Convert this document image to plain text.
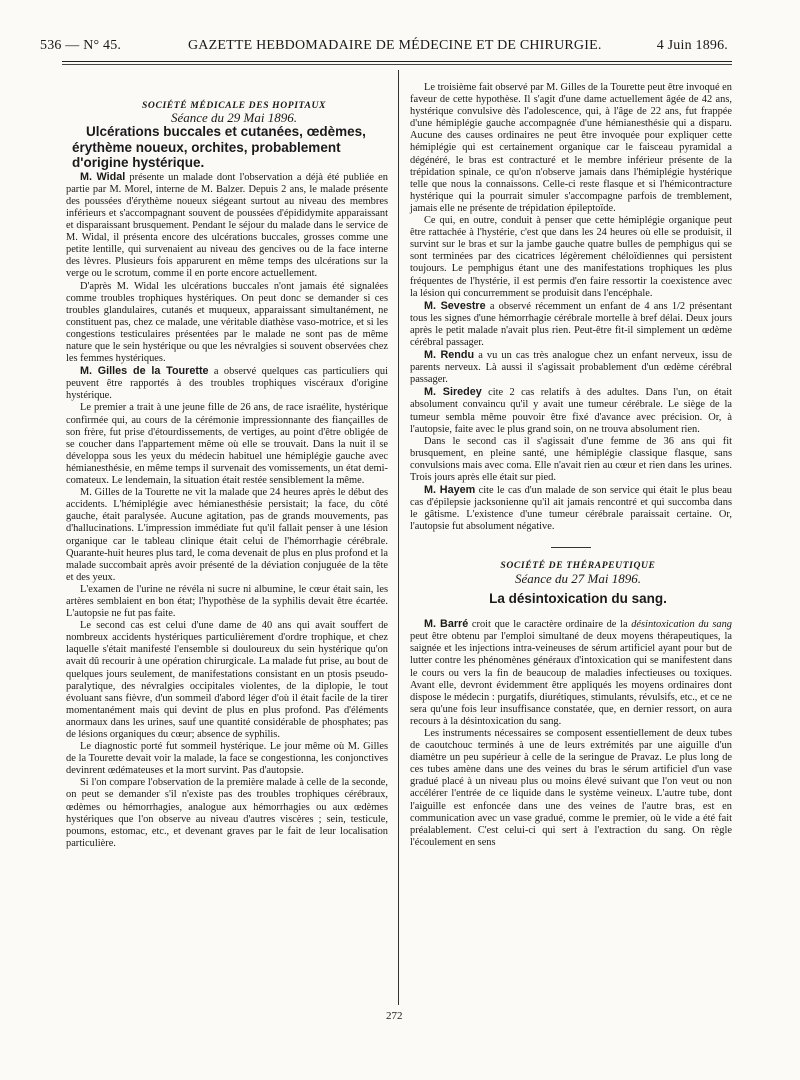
536 — N° 45.	GAZETTE HEBDOMADAIRE DE MÉDECINE ET DE CHIRURGIE.	4 Juin 1896.

SOCIÉTÉ MÉDICALE DES HOPITAUX

Séance du 29 Mai 1896.

Ulcérations buccales et cutanées, œdèmes, érythème noueux, orchites, probablement d'origine hystérique.

M. Widal présente un malade dont l'observation a déjà été publiée en partie par M. Morel, interne de M. Balzer. Depuis 2 ans, le malade présente des poussées d'érythème noueux siégeant surtout au niveau des membres inférieurs et s'accompagnant souvent de poussées d'épididymite apparaissant et disparaissant brusquement. Pendant le séjour du malade dans le service de M. Widal, il présenta encore des ulcérations buccales, grosses comme une petite lentille, qui survenaient au niveau des gencives ou de la face interne des lèvres. Plusieurs fois apparurent en même temps des ulcérations sur la verge ou le scrotum, comme il en porte encore actuellement.

D'après M. Widal les ulcérations buccales n'ont jamais été signalées comme troubles trophiques hystériques. On peut donc se demander si ces troubles glandulaires, cutanés et muqueux, apparaissant simultanément, ne constituent pas, chez ce malade, une véritable diathèse vaso-motrice, et si les congestions testiculaires présentées par le malade ne sont pas de même nature que le sein hystérique ou que les névralgies si souvent observées chez les femmes hystériques.

M. Gilles de la Tourette a observé quelques cas particuliers qui peuvent être rapportés à des troubles trophiques viscéraux d'origine hystérique.

Le premier a trait à une jeune fille de 26 ans, de race israélite, hystérique confirmée qui, au cours de la cérémonie impressionnante des fiançailles de son frère, fut prise d'étourdissements, de vertiges, au point d'être obligée de se coucher dans l'appartement même où elle se trouvait. Dans la nuit il se développa sous les yeux du médecin habituel une hémiplégie gauche avec hémianesthésie, en même temps il survenait des vomissements, un état demi-comateux. Le lendemain, la situation était restée sensiblement la même.

M. Gilles de la Tourette ne vit la malade que 24 heures après le début des accidents. L'hémiplégie avec hémianesthésie persistait; la face, du côté gauche, était paralysée. Aucune agitation, pas de grands mouvements, pas d'hallucinations. L'impression immédiate fut qu'il fallait penser à une lésion organique car le tableau clinique était celui de l'hémorrhagie cérébrale. Quarante-huit heures plus tard, le coma devenait de plus en plus profond et la malade succombait après avoir présenté de la déviation conjuguée de la tête et des yeux.

L'examen de l'urine ne révéla ni sucre ni albumine, le cœur était sain, les artères semblaient en bon état; l'hypothèse de la syphilis devait être écartée. L'autopsie ne fut pas faite.

Le second cas est celui d'une dame de 40 ans qui avait souffert de nombreux accidents hystériques particulièrement d'ordre trophique, et chez laquelle s'était manifesté l'ensemble si douloureux du sein hystérique qu'on avait dû recourir à une opération chirurgicale. La malade fut prise, au bout de quelques jours seulement, de manifestations consistant en un ptosis pseudo-paralytique, des névralgies occipitales violentes, de la diplopie, le tout évoluant sans fièvre, d'un sommeil d'abord léger d'où il était facile de la tirer momentanément mais qui devint de plus en plus profond. Pas d'éléments anormaux dans les urines, sauf une quantité considérable de phosphates; pas de lésions organiques du cœur; absence de syphilis.

Le diagnostic porté fut sommeil hystérique. Le jour même où M. Gilles de la Tourette devait voir la malade, la face se congestionna, les conjonctives devinrent œdémateuses et la mort survint. Pas d'autopsie.

Si l'on compare l'observation de la première malade à celle de la seconde, on peut se demander s'il n'existe pas des troubles trophiques cérébraux, œdèmes ou hémorrhagies, analogue aux hémorrhagies ou aux œdèmes hystériques que l'on observe au niveau d'autres viscères ; sein, testicule, poumons, estomac, etc., et devenant graves par le fait de leur localisation particulière.

Le troisième fait observé par M. Gilles de la Tourette peut être invoqué en faveur de cette hypothèse. Il s'agit d'une dame actuellement âgée de 42 ans, hystérique convulsive dès l'adolescence, qui, à l'âge de 22 ans, fut frappée d'une hémiplégie gauche accompagnée d'une hémianesthésie qui a disparu. Aucune des causes ordinaires ne peut être invoquée pour expliquer cette hémiplégie qui est certainement organique car le faisceau pyramidal a dégénéré, le bras est contracturé et le membre inférieur présente de la trépidation spinale, ce qu'on n'observe jamais dans l'hémiplégie hystérique telle que nous la connaissons. Celle-ci reste flasque et si l'hémicontracture hystérique qui la pourrait simuler s'accompagne parfois de tremblement, jamais elle ne présente de trépidation épileptoïde.

Ce qui, en outre, conduit à penser que cette hémiplégie organique peut être rattachée à l'hystérie, c'est que dans les 24 heures où elle se produisit, il survint sur le bras et sur la jambe gauche quatre bulles de pemphigus qui se sont terminées par des cicatrices légèrement chéloïdiennes qui persistent toujours. Le pemphigus étant une des manifestations trophiques les plus fréquentes de l'hystérie, il est permis d'en faire ressortir la coexistence avec la lésion qui concurremment se produisit dans l'encéphale.

M. Sevestre a observé récemment un enfant de 4 ans 1/2 présentant tous les signes d'une hémorrhagie cérébrale mortelle à bref délai. Deux jours après le petit malade n'avait plus rien. Peut-être fit-il simplement un œdème cérébral passager.

M. Rendu a vu un cas très analogue chez un enfant nerveux, issu de parents nerveux. Là aussi il s'agissait probablement d'un œdème cérébral passager.

M. Siredey cite 2 cas relatifs à des adultes. Dans l'un, on était absolument convaincu qu'il y avait une tumeur cérébrale. Le siège de la tumeur sembla même pouvoir être fixé d'avance avec précision. Or, à l'autopsie, faite avec le plus grand soin, on ne trouva absolument rien.

Dans le second cas il s'agissait d'une femme de 36 ans qui fit brusquement, en pleine santé, une hémiplégie classique flasque, sans convulsions mais avec coma. Elle n'avait rien au cœur et rien dans les urines. Trois jours après elle était sur pied.

M. Hayem cite le cas d'un malade de son service qui était le plus beau cas d'épilepsie jacksonienne qu'il ait jamais rencontré et qui succomba dans le gâtisme. L'existence d'une tumeur cérébrale paraissait certaine. Or, l'autopsie fut absolument négative.

SOCIÉTÉ DE THÉRAPEUTIQUE

Séance du 27 Mai 1896.

La désintoxication du sang.

M. Barré croit que le caractère ordinaire de la désintoxication du sang peut être obtenu par l'emploi simultané de deux moyens thérapeutiques, la saignée et les injections intra-veineuses de sérum artificiel ayant pour but de lutter contre les phénomènes généraux d'intoxication qui se manifestent dans le cours ou vers la fin de beaucoup de maladies infectieuses ou toxiques. Avant elle, devront évidemment être appliqués les moyens ordinaires dont dispose le médecin : purgatifs, diurétiques, stimulants, révulsifs, etc., et ce ne sera qu'une fois leur insuffisance constatée, que, en dernier ressort, on aura recours à la désintoxication du sang.

Les instruments nécessaires se composent essentiellement de deux tubes de caoutchouc terminés à une de leurs extrémités par une aiguille d'un diamètre un peu supérieur à celle de la seringue de Pravaz. Le plus long de ces tubes amène dans une des veines du bras le sérum artificiel d'un vase gradué placé à un niveau plus ou moins élevé suivant que l'on veut ou non accélérer l'entrée de ce liquide dans le système veineux. L'autre tube, dont l'aiguille est enfoncée dans une des veines de l'autre bras, est en communication avec un vase gradué, comme le premier, où le vide a été fait préalablement. C'est celui-ci qui sert à l'extraction du sang. On règle l'écoulement en sens

272
